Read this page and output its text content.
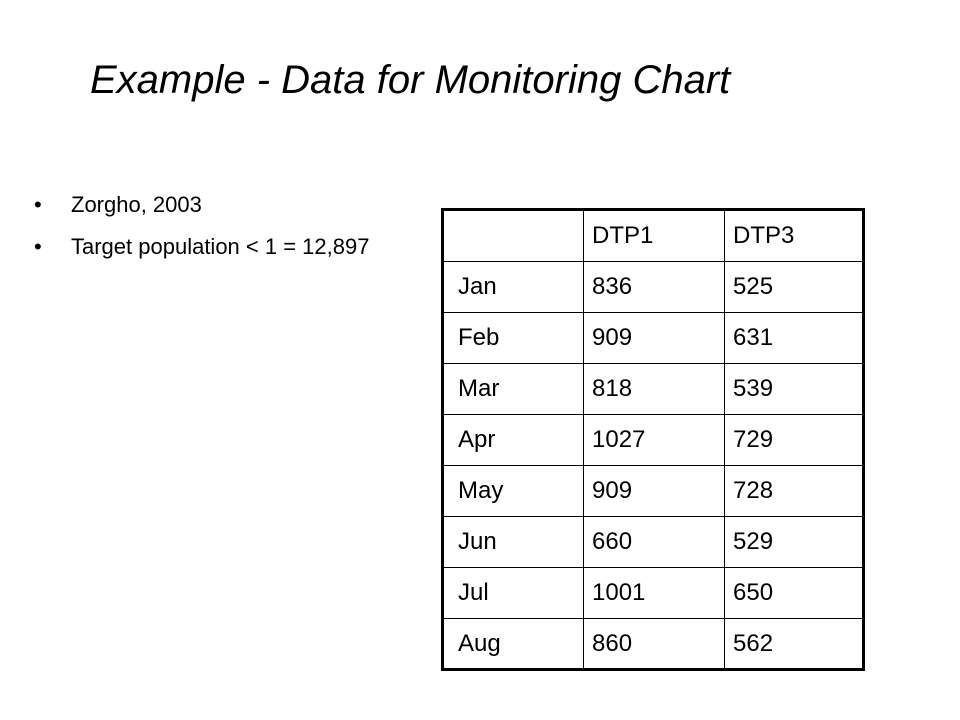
Example - Data for Monitoring Chart
• Zorgho, 2003
• Target population < 1 = 12,897
		DTP1	DTP3
Jan	836	525
Feb	909	631
Mar	818	539
Apr	1027	729
May	909	728
Jun	660	529
Jul	1001	650
Aug	860	562
